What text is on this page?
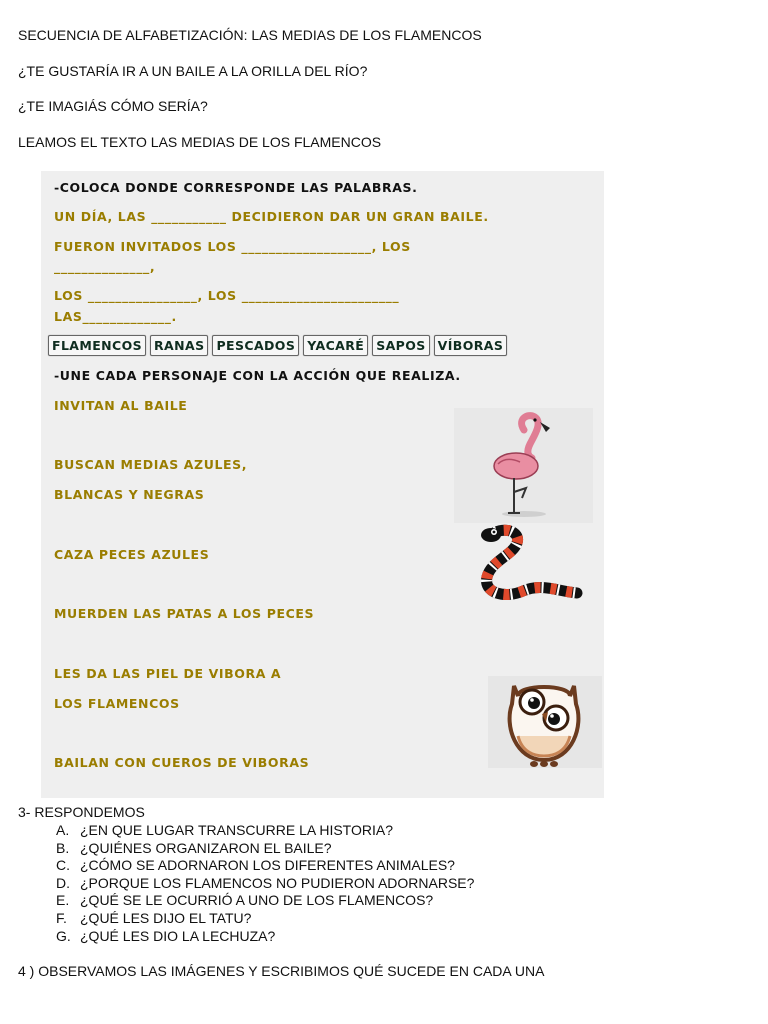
SECUENCIA DE ALFABETIZACIÓN: LAS MEDIAS DE LOS FLAMENCOS
¿TE GUSTARÍA IR A UN BAILE A LA ORILLA DEL RÍO?
¿TE IMAGIÁS CÓMO SERÍA?
LEAMOS EL TEXTO LAS MEDIAS DE LOS FLAMENCOS
-COLOCA DONDE CORRESPONDE LAS PALABRAS.
UN DÍA, LAS ___________ DECIDIERON DAR UN GRAN BAILE.
FUERON INVITADOS LOS ___________________, LOS
______________,
LOS ________________, LOS _______________________
LAS_____________.
FLAMENCOS RANAS PESCADOS YACARÉ SAPOS VÍBORAS
-UNE CADA PERSONAJE CON LA ACCIÓN QUE REALIZA.
INVITAN AL BAILE
BUSCAN MEDIAS AZULES,
BLANCAS Y NEGRAS
CAZA PECES AZULES
MUERDEN LAS PATAS A LOS PECES
LES DA LAS PIEL DE VIBORA A
LOS FLAMENCOS
BAILAN CON CUEROS DE VIBORAS
3- RESPONDEMOS
A. ¿EN QUE LUGAR TRANSCURRE LA HISTORIA?
B. ¿QUIÉNES ORGANIZARON EL BAILE?
C. ¿CÓMO SE ADORNARON LOS DIFERENTES ANIMALES?
D. ¿PORQUE LOS FLAMENCOS NO PUDIERON ADORNARSE?
E. ¿QUÉ SE LE OCURRIÓ A UNO DE LOS FLAMENCOS?
F. ¿QUÉ LES DIJO EL TATU?
G. ¿QUÉ LES DIO LA LECHUZA?
4 ) OBSERVAMOS LAS IMÁGENES Y ESCRIBIMOS QUÉ SUCEDE EN CADA UNA
